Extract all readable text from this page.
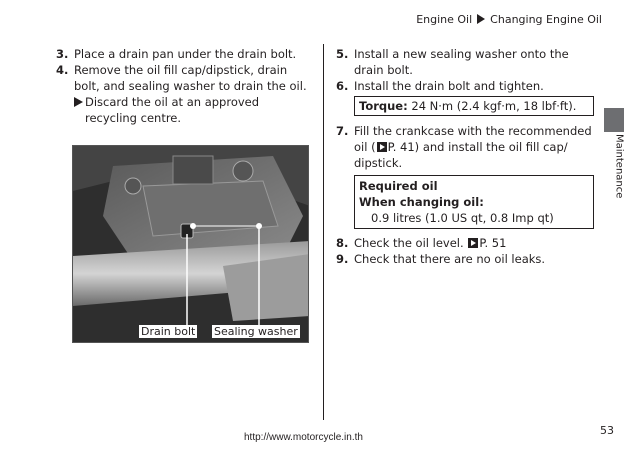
Engine Oil Changing Engine Oil
Maintenance
3. Place a drain pan under the drain bolt.
4. Remove the oil fill cap/dipstick, drain
bolt, and sealing washer to drain the oil.
Discard the oil at an approved
recycling centre.
Drain bolt Sealing washer
5. Install a new sealing washer onto the
drain bolt.
6. Install the drain bolt and tighten.
Torque: 24 N·m (2.4 kgf·m, 18 lbf·ft).
7. Fill the crankcase with the recommended
oil ( P. 41) and install the oil fill cap/
dipstick.
Required oil
When changing oil:
0.9 litres (1.0 US qt, 0.8 Imp qt)
8. Check the oil level. P. 51
9. Check that there are no oil leaks.
53
http://www.motorcycle.in.th
